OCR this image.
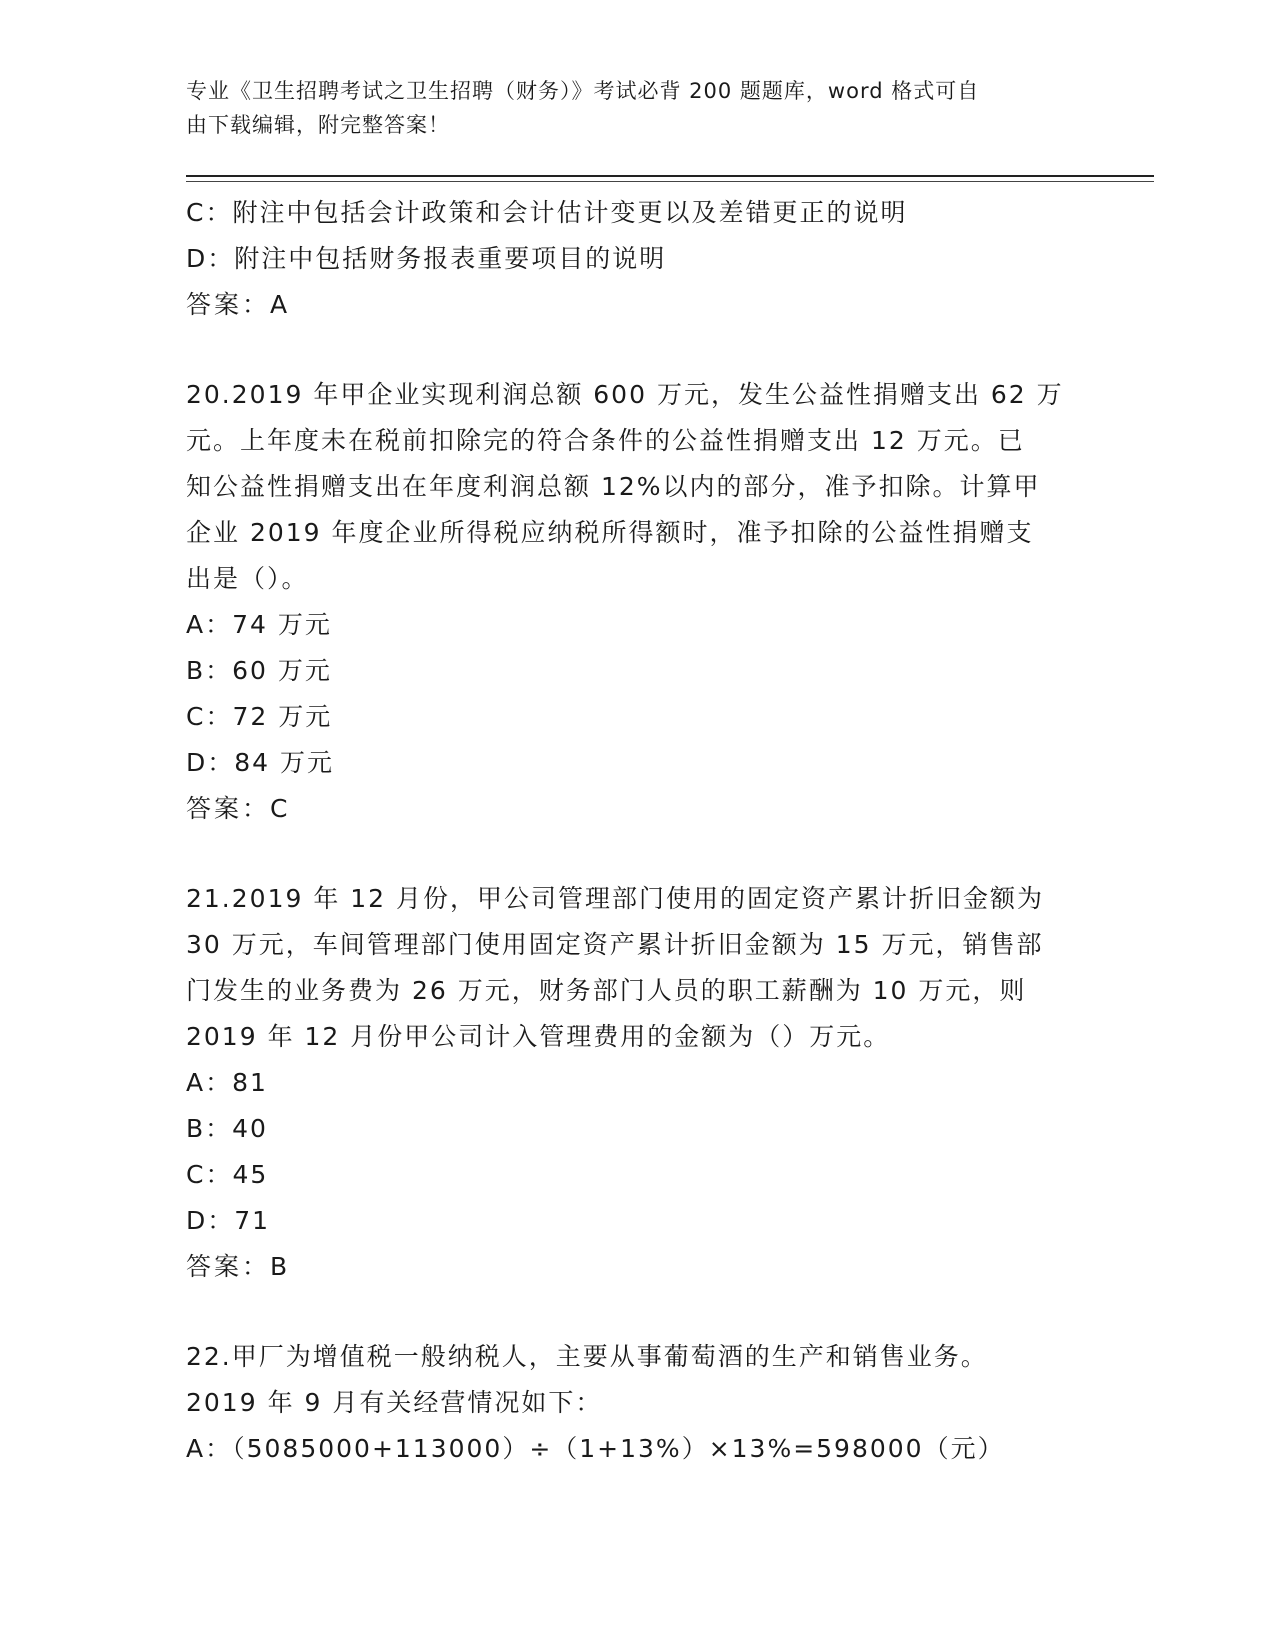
专业《卫生招聘考试之卫生招聘（财务）》考试必背 200 题题库，word 格式可自
由下载编辑，附完整答案！
C：附注中包括会计政策和会计估计变更以及差错更正的说明
D：附注中包括财务报表重要项目的说明
答案：A
20.2019 年甲企业实现利润总额 600 万元，发生公益性捐赠支出 62 万
元。上年度未在税前扣除完的符合条件的公益性捐赠支出 12 万元。已
知公益性捐赠支出在年度利润总额 12%以内的部分，准予扣除。计算甲
企业 2019 年度企业所得税应纳税所得额时，准予扣除的公益性捐赠支
出是（）。
A：74 万元
B：60 万元
C：72 万元
D：84 万元
答案：C
21.2019 年 12 月份，甲公司管理部门使用的固定资产累计折旧金额为
30 万元，车间管理部门使用固定资产累计折旧金额为 15 万元，销售部
门发生的业务费为 26 万元，财务部门人员的职工薪酬为 10 万元，则
2019 年 12 月份甲公司计入管理费用的金额为（）万元。
A：81
B：40
C：45
D：71
答案：B
22.甲厂为增值税一般纳税人，主要从事葡萄酒的生产和销售业务。
2019 年 9 月有关经营情况如下：
A：（5085000+113000）÷（1+13%）×13%=598000（元）
